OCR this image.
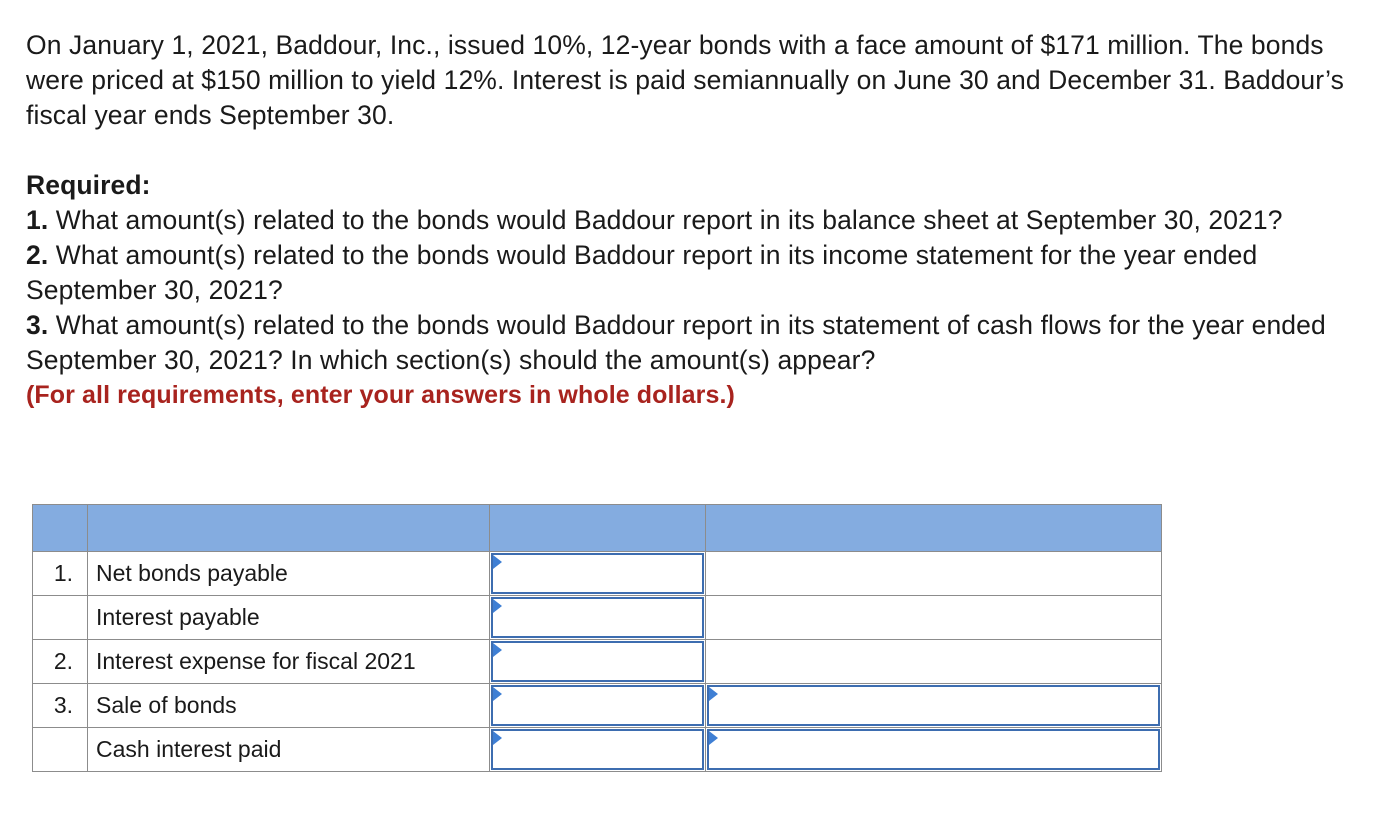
On January 1, 2021, Baddour, Inc., issued 10%, 12-year bonds with a face amount of $171 million. The bonds were priced at $150 million to yield 12%. Interest is paid semiannually on June 30 and December 31. Baddour’s fiscal year ends September 30.

Required:

1. What amount(s) related to the bonds would Baddour report in its balance sheet at September 30, 2021?

2. What amount(s) related to the bonds would Baddour report in its income statement for the year ended September 30, 2021?

3. What amount(s) related to the bonds would Baddour report in its statement of cash flows for the year ended September 30, 2021? In which section(s) should the amount(s) appear?

(For all requirements, enter your answers in whole dollars.)

1.	Net bonds payable	

	Interest payable	

2.	Interest expense for fiscal 2021	

3.	Sale of bonds	

	Cash interest paid	
